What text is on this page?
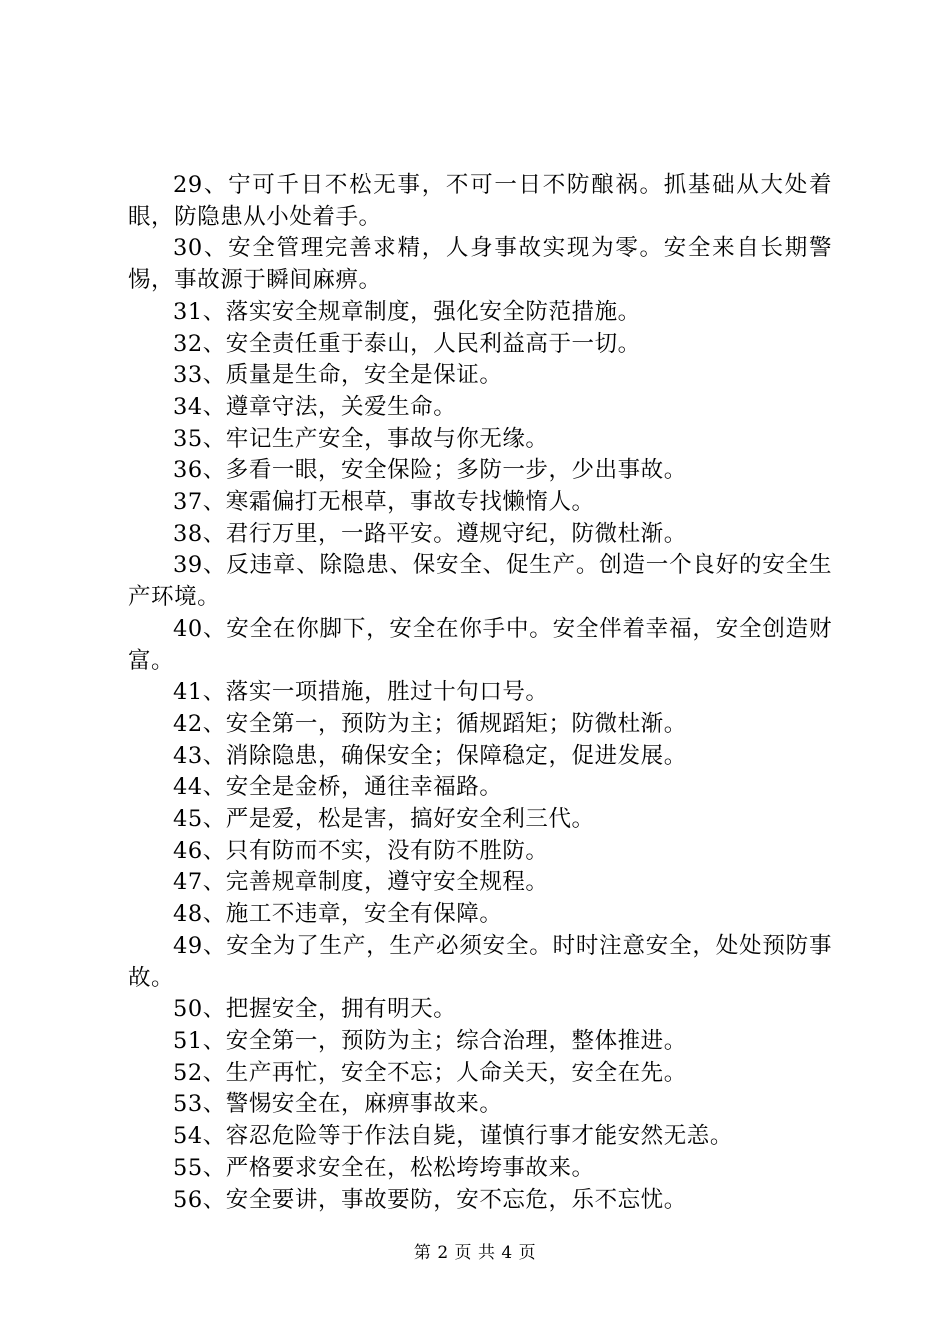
29、宁可千日不松无事，不可一日不防酿祸。抓基础从大处着眼，防隐患从小处着手。

30、安全管理完善求精，人身事故实现为零。安全来自长期警惕，事故源于瞬间麻痹。

31、落实安全规章制度，强化安全防范措施。

32、安全责任重于泰山，人民利益高于一切。

33、质量是生命，安全是保证。

34、遵章守法，关爱生命。

35、牢记生产安全，事故与你无缘。

36、多看一眼，安全保险；多防一步，少出事故。

37、寒霜偏打无根草，事故专找懒惰人。

38、君行万里，一路平安。遵规守纪，防微杜渐。

39、反违章、除隐患、保安全、促生产。创造一个良好的安全生产环境。

40、安全在你脚下，安全在你手中。安全伴着幸福，安全创造财富。

41、落实一项措施，胜过十句口号。

42、安全第一，预防为主；循规蹈矩；防微杜渐。

43、消除隐患，确保安全；保障稳定，促进发展。

44、安全是金桥，通往幸福路。

45、严是爱，松是害，搞好安全利三代。

46、只有防而不实，没有防不胜防。

47、完善规章制度，遵守安全规程。

48、施工不违章，安全有保障。

49、安全为了生产，生产必须安全。时时注意安全，处处预防事故。

50、把握安全，拥有明天。

51、安全第一，预防为主；综合治理，整体推进。

52、生产再忙，安全不忘；人命关天，安全在先。

53、警惕安全在，麻痹事故来。

54、容忍危险等于作法自毙，谨慎行事才能安然无恙。

55、严格要求安全在，松松垮垮事故来。

56、安全要讲，事故要防，安不忘危，乐不忘忧。

第 2 页 共 4 页
